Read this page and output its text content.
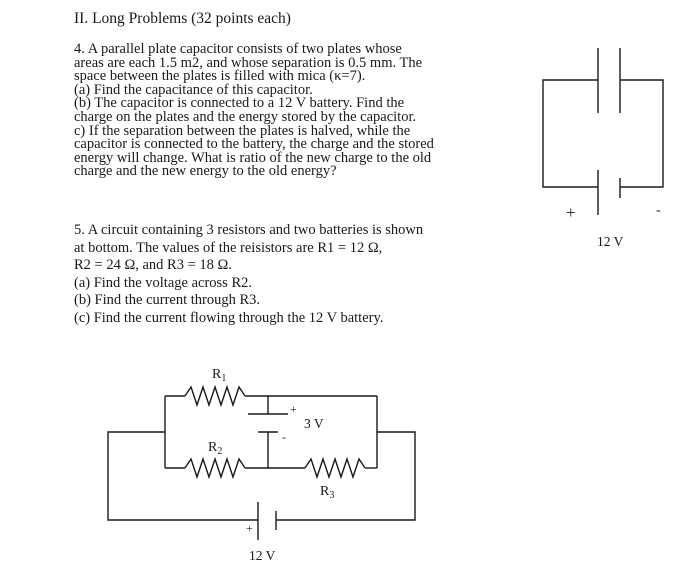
II. Long Problems (32 points each)
4. A parallel plate capacitor consists of two plates whose
areas are each 1.5 m2, and whose separation is 0.5 mm. The
space between the plates is filled with mica (κ=7).
(a) Find the capacitance of this capacitor.
(b) The capacitor is connected to a 12 V battery. Find the
charge on the plates and the energy stored by the capacitor.
c) If the separation between the plates is halved, while the
capacitor is connected to the battery, the charge and the stored
energy will change. What is ratio of the new charge to the old
charge and the new energy to the old energy?
5. A circuit containing 3 resistors and two batteries is shown
at bottom. The values of the reisistors are R1 = 12 Ω,
R2 = 24 Ω, and R3 = 18 Ω.
(a) Find the voltage across R2.
(b) Find the current through R3.
(c) Find the current flowing through the 12 V battery.
+	-
12 V
$R_1$
$R_2$
$R_3$
+
3 V
-
+
12 V
